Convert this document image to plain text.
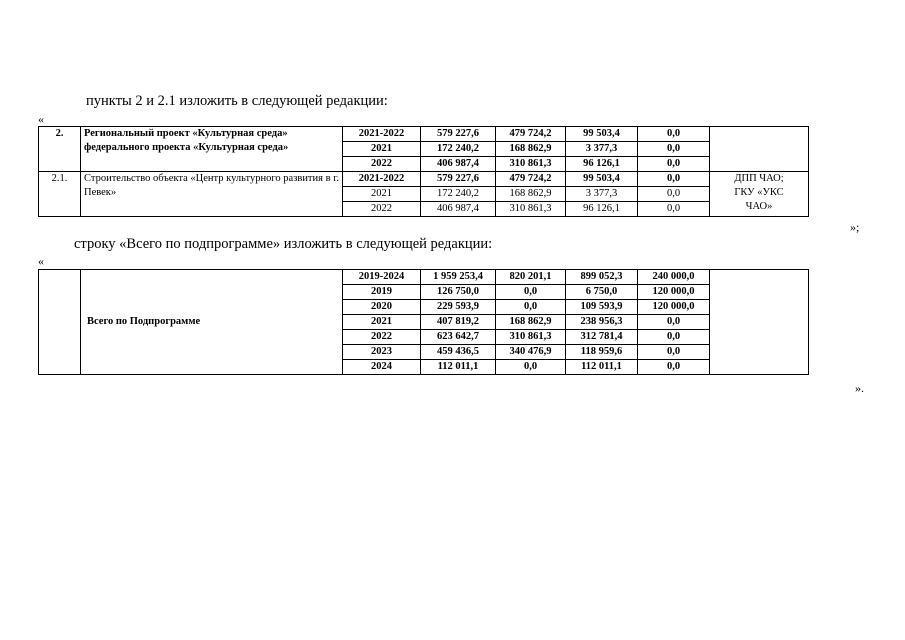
пункты 2 и 2.1 изложить в следующей редакции:
«
2.	Региональный проект «Культурная среда» федерального проекта «Культурная среда»	2021-2022	579 227,6	479 724,2	99 503,4	0,0	
		2021	172 240,2	168 862,9	3 377,3	0,0	
		2022	406 987,4	310 861,3	96 126,1	0,0	
2.1.	Строительство объекта «Центр культурного развития в г. Певек»	2021-2022	579 227,6	479 724,2	99 503,4	0,0	ДПП ЧАО; ГКУ «УКС ЧАО»
		2021	172 240,2	168 862,9	3 377,3	0,0	
		2022	406 987,4	310 861,3	96 126,1	0,0	
»;
строку «Всего по подпрограмме» изложить в следующей редакции:
«
	Всего по Подпрограмме	2019-2024	1 959 253,4	820 201,1	899 052,3	240 000,0	
		2019	126 750,0	0,0	6 750,0	120 000,0	
		2020	229 593,9	0,0	109 593,9	120 000,0	
		2021	407 819,2	168 862,9	238 956,3	0,0	
		2022	623 642,7	310 861,3	312 781,4	0,0	
		2023	459 436,5	340 476,9	118 959,6	0,0	
		2024	112 011,1	0,0	112 011,1	0,0	
».
